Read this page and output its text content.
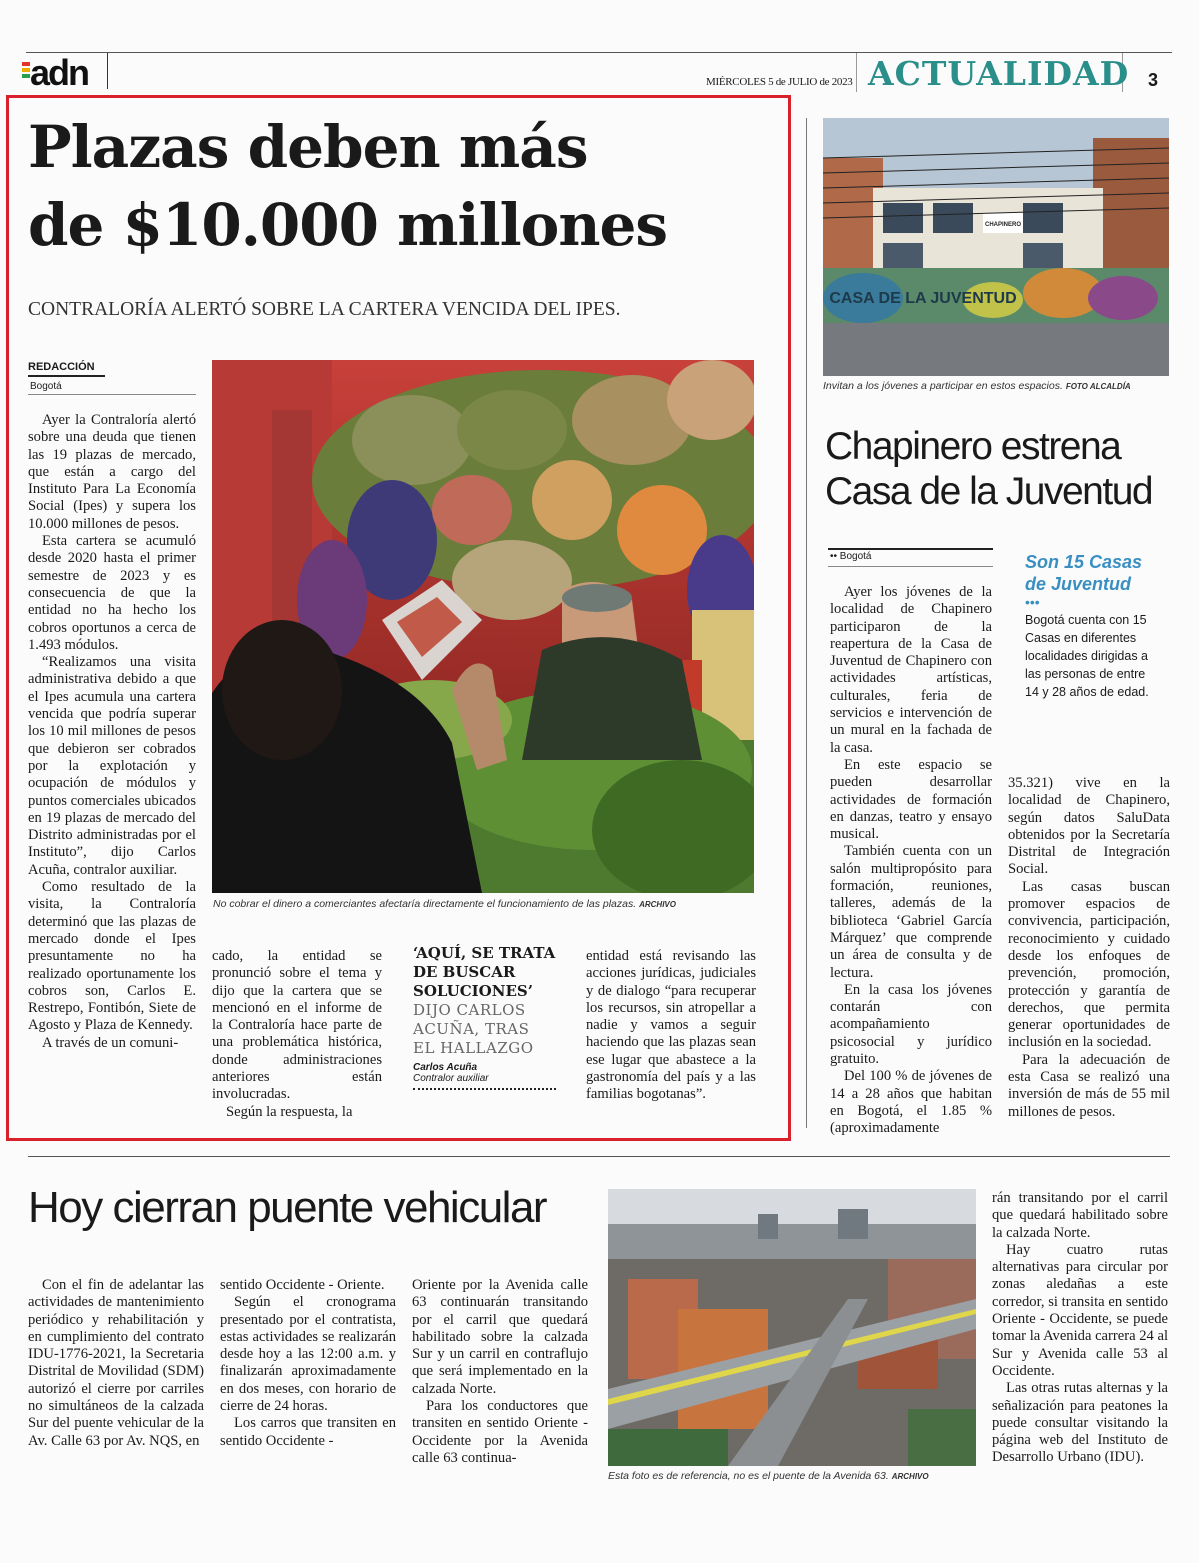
adn	MIÉRCOLES 5 de JULIO de 2023 ACTUALIDAD 3
Plazas deben más
de $10.000 millones
CONTRALORÍA ALERTÓ SOBRE LA CARTERA VENCIDA DEL IPES.
REDACCIÓN
Bogotá
No cobrar el dinero a comerciantes afectaría directamente el funcionamiento de las plazas. ARCHIVO

Ayer la Contraloría alertó sobre una deuda que tienen las 19 plazas de mercado, que están a cargo del Instituto Para La Economía Social (Ipes) y supera los 10.000 millones de pesos.

Esta cartera se acumuló desde 2020 hasta el primer semestre de 2023 y es consecuencia de que la entidad no ha hecho los cobros oportunos a cerca de 1.493 módulos.

“Realizamos una visita administrativa debido a que el Ipes acumula una cartera vencida que podría superar los 10 mil millones de pesos que debieron ser cobrados por la explotación y ocupación de módulos y puntos comerciales ubicados en 19 plazas de mercado del Distrito administradas por el Instituto”, dijo Carlos Acuña, contralor auxiliar.

Como resultado de la visita, la Contraloría determinó que las plazas de mercado donde el Ipes presuntamente no ha realizado oportunamente los cobros son, Carlos E. Restrepo, Fontibón, Siete de Agosto y Plaza de Kennedy.

A través de un comuni-

cado, la entidad se pronunció sobre el tema y dijo que la cartera que se mencionó en el informe de la Contraloría hace parte de una problemática histórica, donde administraciones anteriores están involucradas.

Según la respuesta, la

‘AQUÍ, SE TRATA DE BUSCAR SOLUCIONES’
DIJO CARLOS ACUÑA, TRAS EL HALLAZGO
Carlos Acuña
Contralor auxiliar

entidad está revisando las acciones jurídicas, judiciales y de dialogo “para recuperar los recursos, sin atropellar a nadie y vamos a seguir haciendo que las plazas sean ese lugar que abastece a la gastronomía del país y a las familias bogotanas”.

CHAPINERO
CASA DE LA JUVENTUD
Invitan a los jóvenes a participar en estos espacios. FOTO ALCALDÍA
Chapinero estrena
Casa de la Juventud
•• Bogotá	Son 15 Casas
de Juventud
•••
Bogotá cuenta con 15 Casas en diferentes localidades dirigidas a las personas de entre 14 y 28 años de edad.

Ayer los jóvenes de la localidad de Chapinero participaron de la reapertura de la Casa de Juventud de Chapinero con actividades artísticas, culturales, feria de servicios e intervención de un mural en la fachada de la casa.

En este espacio se pueden desarrollar actividades de formación en danzas, teatro y ensayo musical.

También cuenta con un salón multipropósito para formación, reuniones, talleres, además de la biblioteca ‘Gabriel García Márquez’ que comprende un área de consulta y de lectura.

En la casa los jóvenes contarán con acompañamiento psicosocial y jurídico gratuito.

Del 100 % de jóvenes de 14 a 28 años que habitan en Bogotá, el 1.85 % (aproximadamente

35.321) vive en la localidad de Chapinero, según datos SaluData obtenidos por la Secretaría Distrital de Integración Social.

Las casas buscan promover espacios de convivencia, participación, reconocimiento y cuidado desde los enfoques de prevención, promoción, protección y garantía de derechos, que permita generar oportunidades de inclusión en la sociedad.

Para la adecuación de esta Casa se realizó una inversión de más de 55 mil millones de pesos.

Hoy cierran puente vehicular
Esta foto es de referencia, no es el puente de la Avenida 63. ARCHIVO

Con el fin de adelantar las actividades de mantenimiento periódico y rehabilitación y en cumplimiento del contrato IDU-1776-2021, la Secretaria Distrital de Movilidad (SDM) autorizó el cierre por carriles no simultáneos de la calzada Sur del puente vehicular de la Av. Calle 63 por Av. NQS, en

sentido Occidente - Oriente.

Según el cronograma presentado por el contratista, estas actividades se realizarán desde hoy a las 12:00 a.m. y finalizarán aproximadamente en dos meses, con horario de cierre de 24 horas.

Los carros que transiten en sentido Occidente -

Oriente por la Avenida calle 63 continuarán transitando por el carril que quedará habilitado sobre la calzada Sur y un carril en contraflujo que será implementado en la calzada Norte.

Para los conductores que transiten en sentido Oriente - Occidente por la Avenida calle 63 continua-

rán transitando por el carril que quedará habilitado sobre la calzada Norte.

Hay cuatro rutas alternativas para circular por zonas aledañas a este corredor, si transita en sentido Oriente - Occidente, se puede tomar la Avenida carrera 24 al Sur y Avenida calle 53 al Occidente.

Las otras rutas alternas y la señalización para peatones la puede consultar visitando la página web del Instituto de Desarrollo Urbano (IDU).
